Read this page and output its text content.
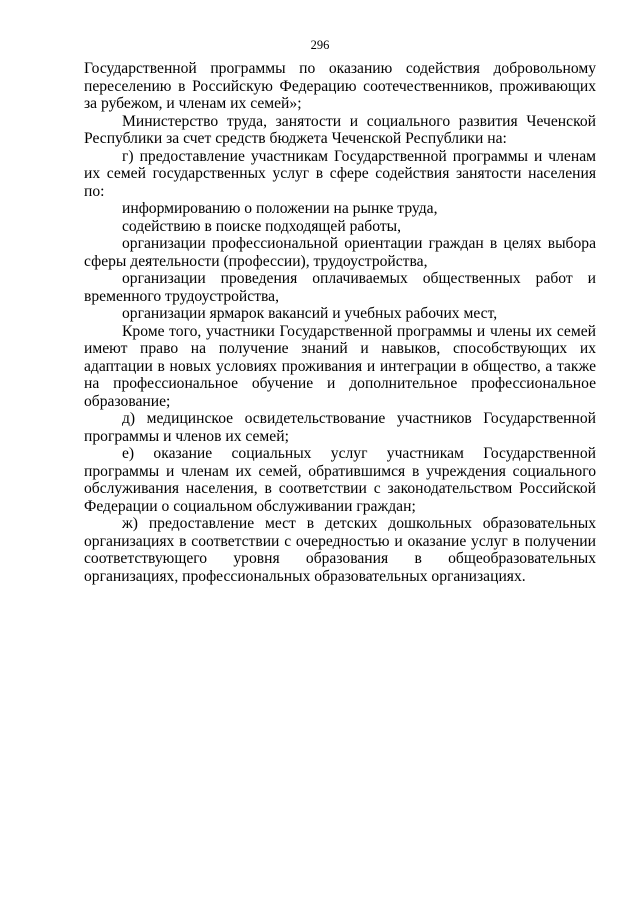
296

Государственной программы по оказанию содействия добровольному переселению в Российскую Федерацию соотечественников, проживающих за рубежом, и членам их семей»;

Министерство труда, занятости и социального развития Чеченской Республики за счет средств бюджета Чеченской Республики на:

г) предоставление участникам Государственной программы и членам их семей государственных услуг в сфере содействия занятости населения по:

информированию о положении на рынке труда,

содействию в поиске подходящей работы,

организации профессиональной ориентации граждан в целях выбора сферы деятельности (профессии), трудоустройства,

организации проведения оплачиваемых общественных работ и временного трудоустройства,

организации ярмарок вакансий и учебных рабочих мест,

Кроме того, участники Государственной программы и члены их семей имеют право на получение знаний и навыков, способствующих их адаптации в новых условиях проживания и интеграции в общество, а также на профессиональное обучение и дополнительное профессиональное образование;

д) медицинское освидетельствование участников Государственной программы и членов их семей;

е) оказание социальных услуг участникам Государственной программы и членам их семей, обратившимся в учреждения социального обслуживания населения, в соответствии с законодательством Российской Федерации о социальном обслуживании граждан;

ж) предоставление мест в детских дошкольных образовательных организациях в соответствии с очередностью и оказание услуг в получении соответствующего уровня образования в общеобразовательных организациях, профессиональных образовательных организациях.
